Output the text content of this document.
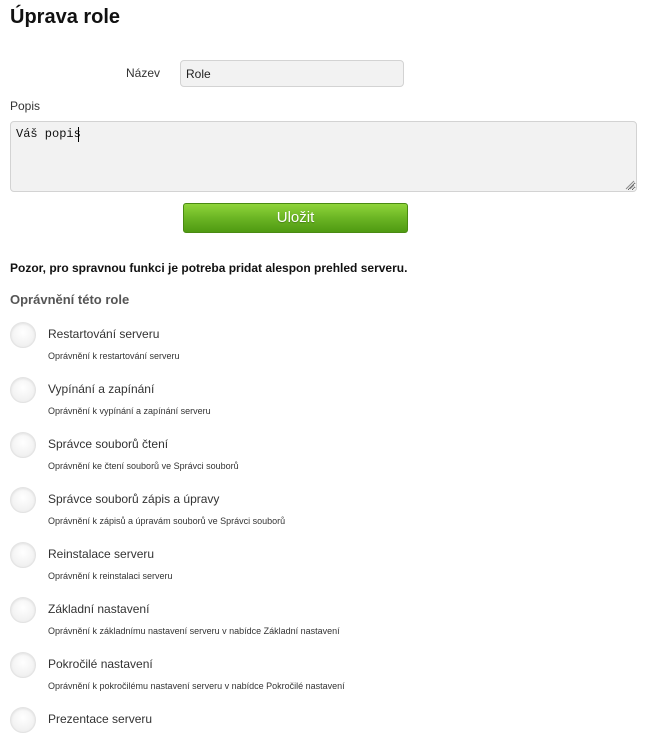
Úprava role
Název
Role
Popis
Váš popis
Uložit
Pozor, pro spravnou funkci je potreba pridat alespon prehled serveru.
Oprávnění této role
Restartování serveru
Oprávnění k restartování serveru
Vypínání a zapínání
Oprávnění k vypínání a zapínání serveru
Správce souborů čtení
Oprávnění ke čtení souborů ve Správci souborů
Správce souborů zápis a úpravy
Oprávnění k zápisů a úpravám souborů ve Správci souborů
Reinstalace serveru
Oprávnění k reinstalaci serveru
Základní nastavení
Oprávnění k základnímu nastavení serveru v nabídce Základní nastavení
Pokročilé nastavení
Oprávnění k pokročilému nastavení serveru v nabídce Pokročilé nastavení
Prezentace serveru
